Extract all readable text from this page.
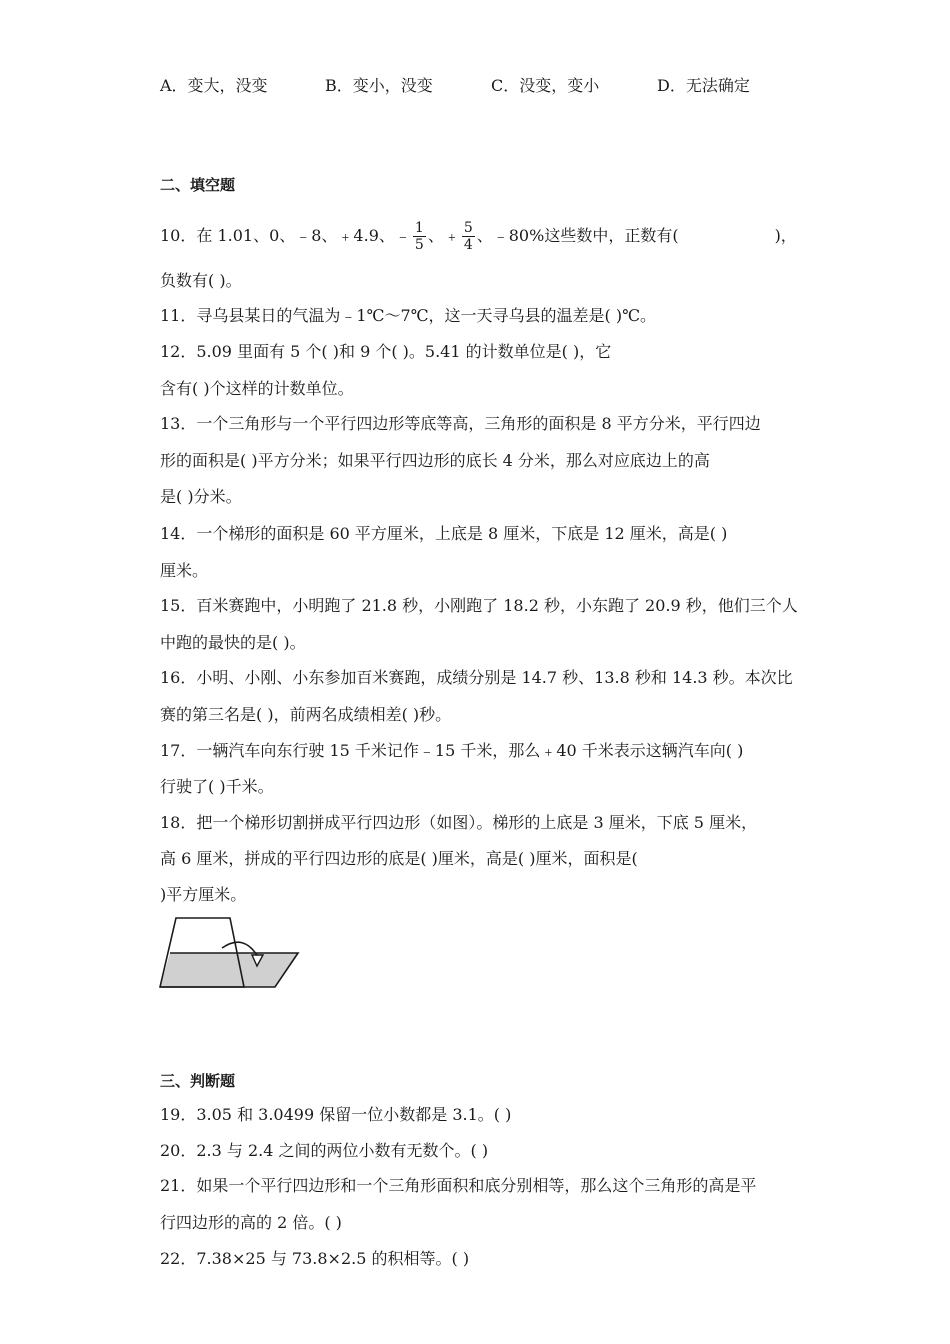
A．变大，没变	B．变小，没变	C．没变，变小	D．无法确定
二、填空题
10．在 1.01、0、﹣8、﹢4.9、﹣ $\frac{1}{5}$ 、﹢ $\frac{5}{4}$ 、﹣80%这些数中，正数有(	)，
负数有( )。
11．寻乌县某日的气温为﹣1℃～7℃，这一天寻乌县的温差是( )℃。
12．5.09 里面有 5 个( )和 9 个( )。5.41 的计数单位是( )，它
含有( )个这样的计数单位。
13．一个三角形与一个平行四边形等底等高，三角形的面积是 8 平方分米，平行四边
形的面积是( )平方分米；如果平行四边形的底长 4 分米，那么对应底边上的高
是( )分米。
14．一个梯形的面积是 60 平方厘米，上底是 8 厘米，下底是 12 厘米，高是( )
厘米。
15．百米赛跑中，小明跑了 21.8 秒，小刚跑了 18.2 秒，小东跑了 20.9 秒，他们三个人
中跑的最快的是( )。
16．小明、小刚、小东参加百米赛跑，成绩分别是 14.7 秒、13.8 秒和 14.3 秒。本次比
赛的第三名是( )，前两名成绩相差( )秒。
17．一辆汽车向东行驶 15 千米记作﹣15 千米，那么﹢40 千米表示这辆汽车向( )
行驶了( )千米。
18．把一个梯形切割拼成平行四边形（如图）。梯形的上底是 3 厘米，下底 5 厘米，
高 6 厘米，拼成的平行四边形的底是( )厘米，高是( )厘米，面积是(
)平方厘米。
三、判断题
19．3.05 和 3.0499 保留一位小数都是 3.1。( )
20．2.3 与 2.4 之间的两位小数有无数个。( )
21．如果一个平行四边形和一个三角形面积和底分别相等，那么这个三角形的高是平
行四边形的高的 2 倍。( )
22．7.38×25 与 73.8×2.5 的积相等。( )
